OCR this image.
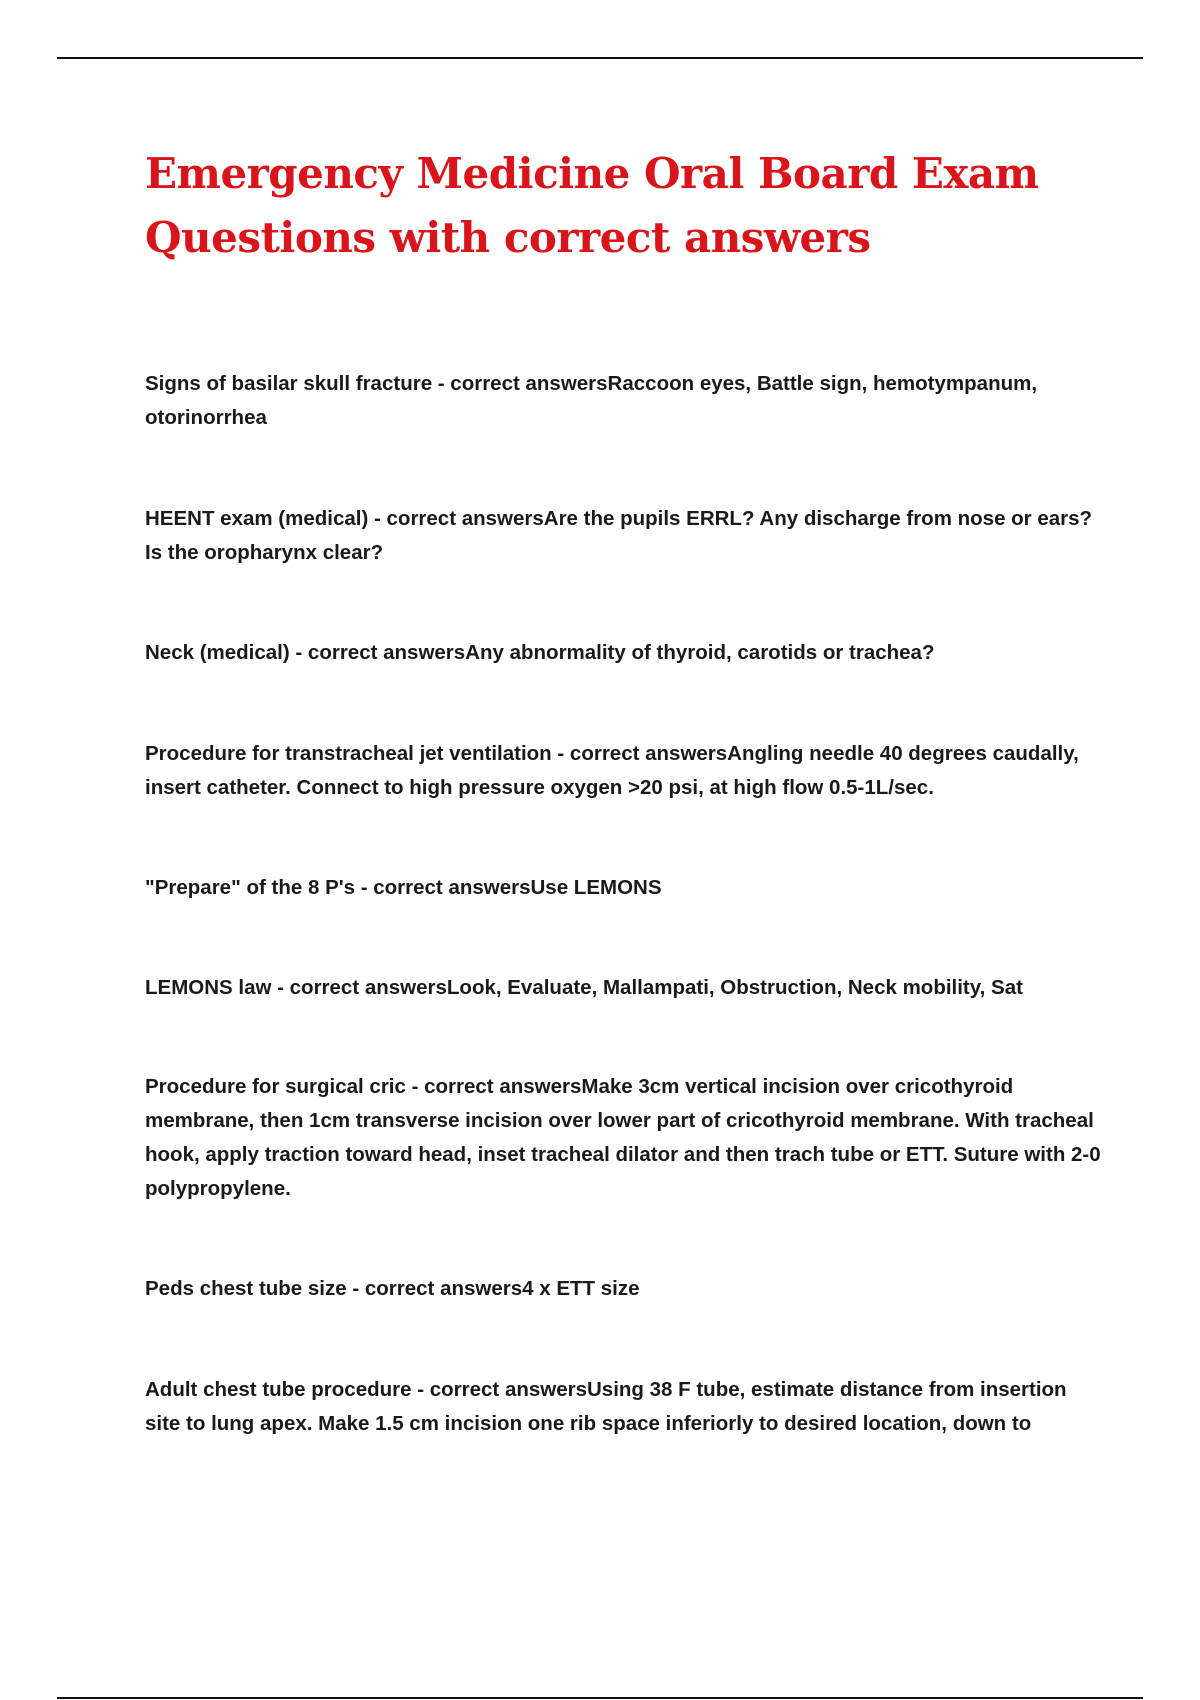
Emergency Medicine Oral Board Exam Questions with correct answers

Signs of basilar skull fracture - correct answersRaccoon eyes, Battle sign, hemotympanum, otorinorrhea

HEENT exam (medical) - correct answersAre the pupils ERRL? Any discharge from nose or ears? Is the oropharynx clear?

Neck (medical) - correct answersAny abnormality of thyroid, carotids or trachea?

Procedure for transtracheal jet ventilation - correct answersAngling needle 40 degrees caudally, insert catheter. Connect to high pressure oxygen >20 psi, at high flow 0.5-1L/sec.

"Prepare" of the 8 P's - correct answersUse LEMONS

LEMONS law - correct answersLook, Evaluate, Mallampati, Obstruction, Neck mobility, Sat

Procedure for surgical cric - correct answersMake 3cm vertical incision over cricothyroid membrane, then 1cm transverse incision over lower part of cricothyroid membrane. With tracheal hook, apply traction toward head, inset tracheal dilator and then trach tube or ETT. Suture with 2-0 polypropylene.

Peds chest tube size - correct answers4 x ETT size

Adult chest tube procedure - correct answersUsing 38 F tube, estimate distance from insertion site to lung apex. Make 1.5 cm incision one rib space inferiorly to desired location, down to
